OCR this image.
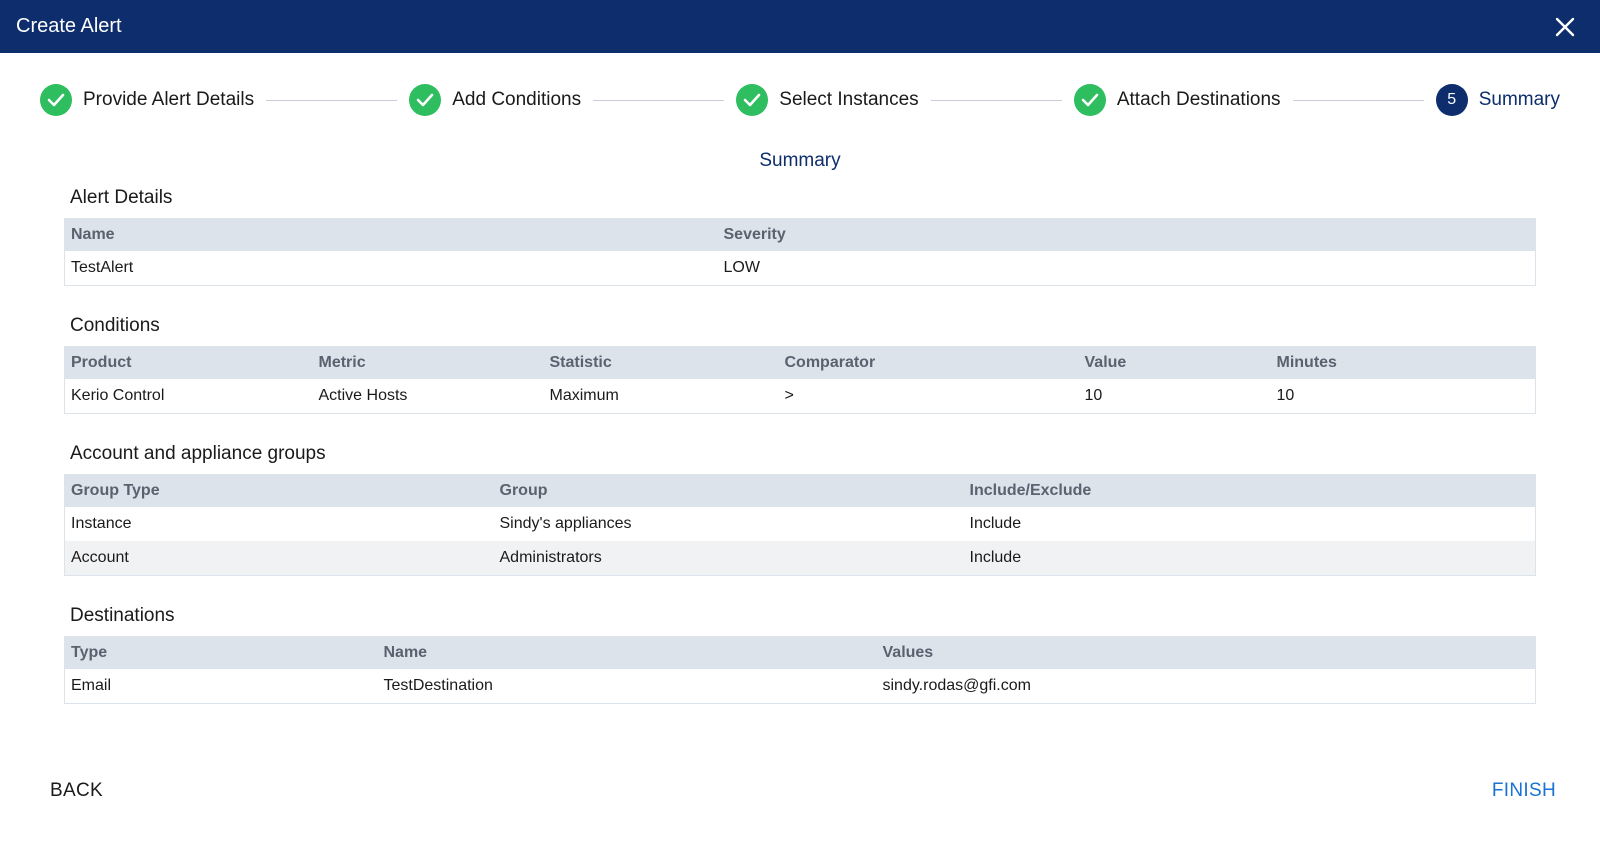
Create Alert
Provide Alert Details	Add Conditions	Select Instances	Attach Destinations	5	Summary
Summary
Alert Details
Name	Severity
TestAlert	LOW
Conditions
Product	Metric	Statistic	Comparator	Value	Minutes
Kerio Control	Active Hosts	Maximum	>	10	10
Account and appliance groups
Group Type	Group	Include/Exclude
Instance	Sindy's appliances	Include
Account	Administrators	Include
Destinations
Type	Name	Values
Email	TestDestination	sindy.rodas@gfi.com
BACK	FINISH
